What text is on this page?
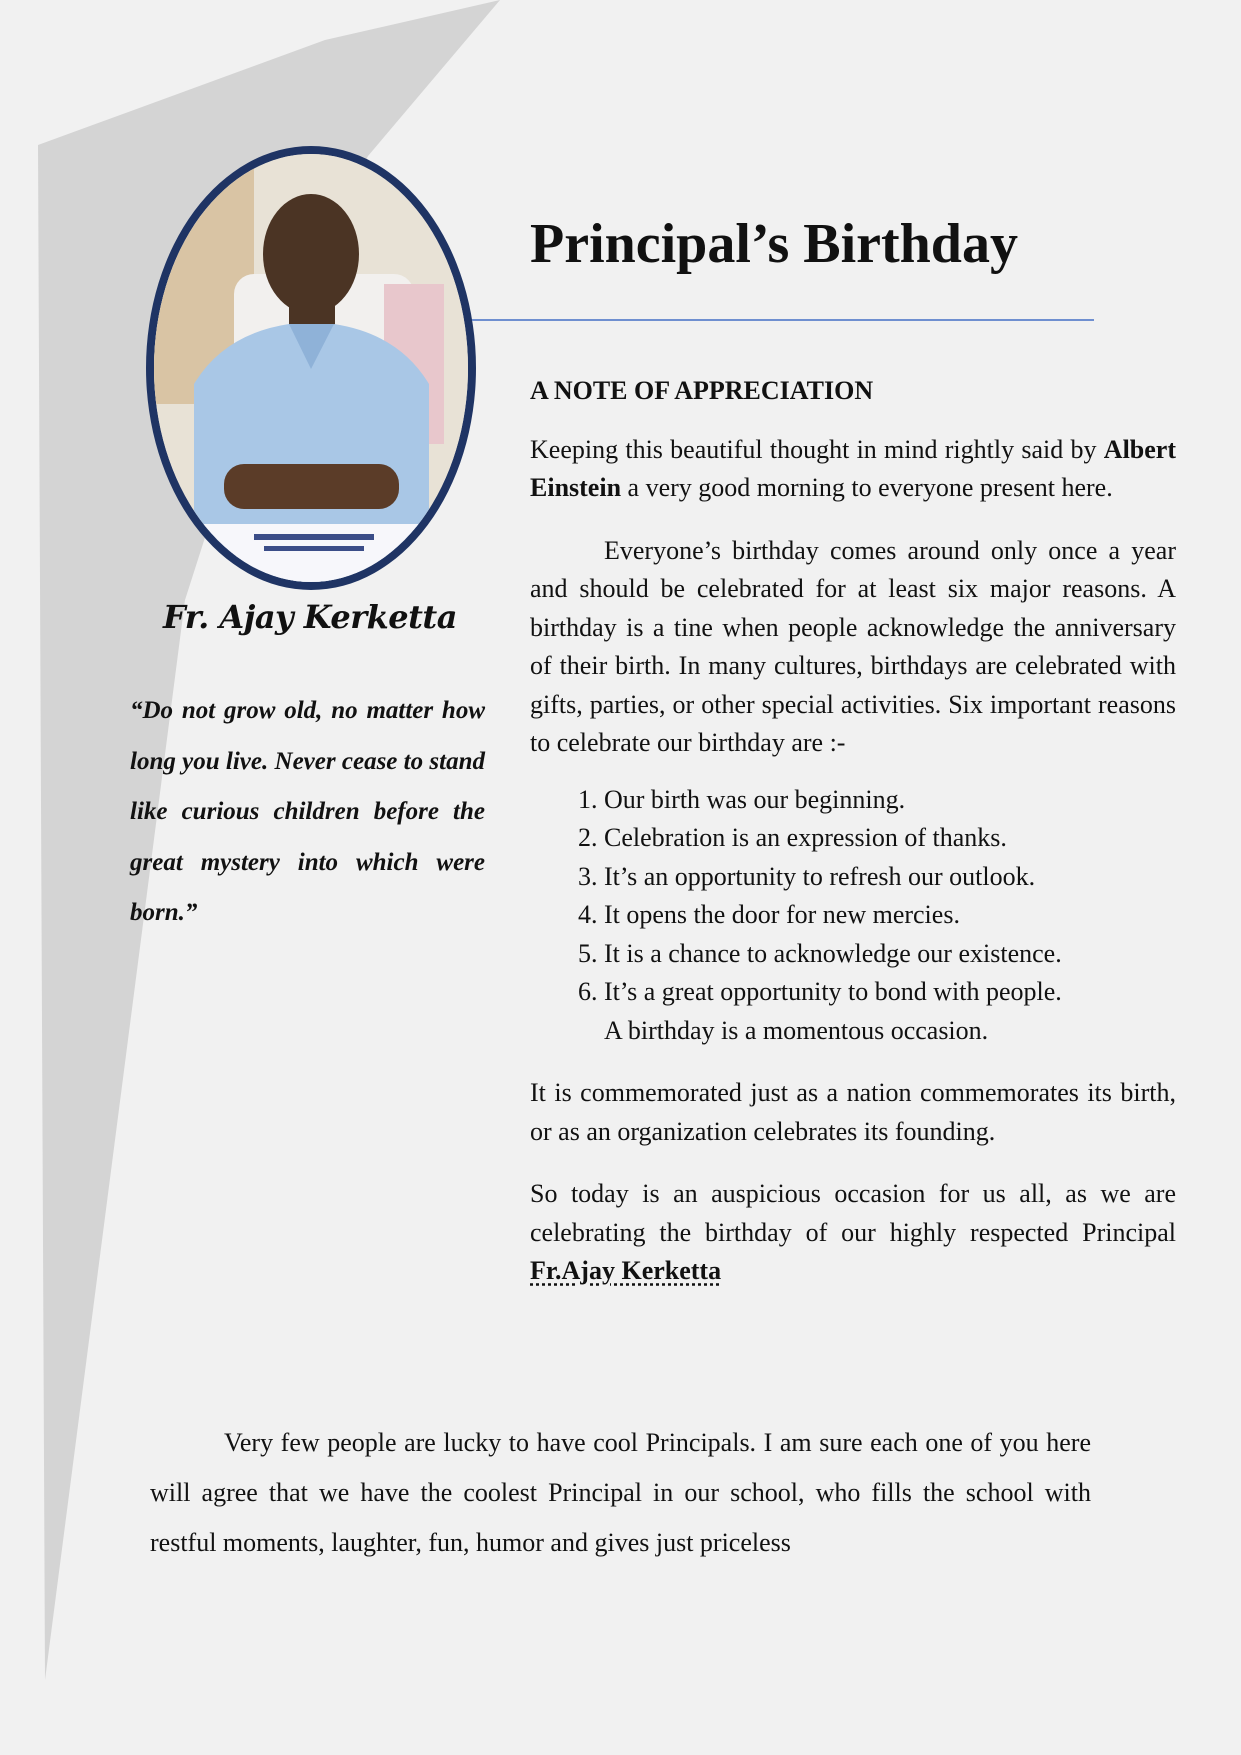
Fr. Ajay Kerketta

“Do not grow old, no matter how long you live. Never cease to stand like curious children before the great mystery into which were born.”

Principal’s Birthday
A NOTE OF APPRECIATION

Keeping this beautiful thought in mind rightly said by Albert Einstein a very good morning to everyone present here.

Everyone’s birthday comes around only once a year and should be celebrated for at least six major reasons. A birthday is a tine when people acknowledge the anniversary of their birth. In many cultures, birthdays are celebrated with gifts, parties, or other special activities. Six important reasons to celebrate our birthday are :-

1. Our birth was our beginning.
2. Celebration is an expression of thanks.
3. It’s an opportunity to refresh our outlook.
4. It opens the door for new mercies.
5. It is a chance to acknowledge our existence.
6. It’s a great opportunity to bond with people.

A birthday is a momentous occasion.

It is commemorated just as a nation commemorates its birth, or as an organization celebrates its founding.

So today is an auspicious occasion for us all, as we are celebrating the birthday of our highly respected Principal Fr.Ajay Kerketta

Very few people are lucky to have cool Principals. I am sure each one of you here will agree that we have the coolest Principal in our school, who fills the school with restful moments, laughter, fun, humor and gives just priceless
